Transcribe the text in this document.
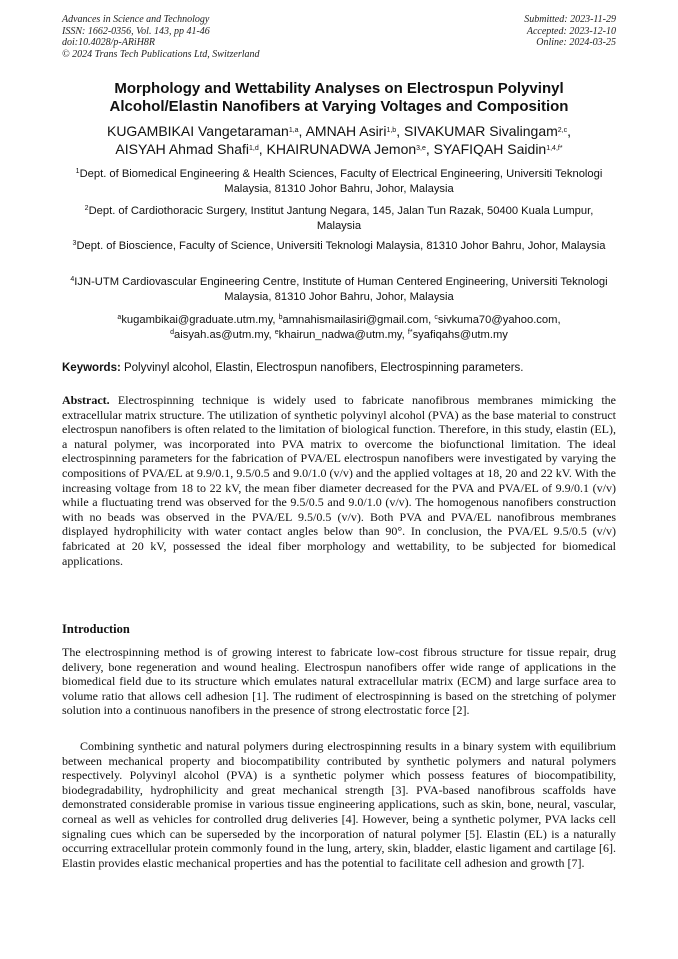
Advances in Science and Technology
ISSN: 1662-0356, Vol. 143, pp 41-46
doi:10.4028/p-ARiH8R
© 2024 Trans Tech Publications Ltd, Switzerland
Submitted: 2023-11-29
Accepted: 2023-12-10
Online: 2024-03-25
Morphology and Wettability Analyses on Electrospun Polyvinyl
Alcohol/Elastin Nanofibers at Varying Voltages and Composition
KUGAMBIKAI Vangetaraman$^{1,a}$, AMNAH Asiri$^{1,b}$, SIVAKUMAR Sivalingam$^{2,c}$,
AISYAH Ahmad Shafi$^{1,d}$, KHAIRUNADWA Jemon$^{3,e}$, SYAFIQAH Saidin$^{1,4,f*}$
$^1$Dept. of Biomedical Engineering & Health Sciences, Faculty of Electrical Engineering, Universiti Teknologi Malaysia, 81310 Johor Bahru, Johor, Malaysia
$^2$Dept. of Cardiothoracic Surgery, Institut Jantung Negara, 145, Jalan Tun Razak, 50400 Kuala Lumpur, Malaysia
$^3$Dept. of Bioscience, Faculty of Science, Universiti Teknologi Malaysia, 81310 Johor Bahru, Johor, Malaysia
$^4$IJN-UTM Cardiovascular Engineering Centre, Institute of Human Centered Engineering, Universiti Teknologi Malaysia, 81310 Johor Bahru, Johor, Malaysia
$^a$kugambikai@graduate.utm.my, $^b$amnahismailasiri@gmail.com, $^c$sivkuma70@yahoo.com,
$^d$aisyah.as@utm.my, $^e$khairun_nadwa@utm.my, $^{f*}$syafiqahs@utm.my
Keywords: Polyvinyl alcohol, Elastin, Electrospun nanofibers, Electrospinning parameters.

Abstract. Electrospinning technique is widely used to fabricate nanofibrous membranes mimicking the extracellular matrix structure. The utilization of synthetic polyvinyl alcohol (PVA) as the base material to construct electrospun nanofibers is often related to the limitation of biological function. Therefore, in this study, elastin (EL), a natural polymer, was incorporated into PVA matrix to overcome the biofunctional limitation. The ideal electrospinning parameters for the fabrication of PVA/EL electrospun nanofibers were investigated by varying the compositions of PVA/EL at 9.9/0.1, 9.5/0.5 and 9.0/1.0 (v/v) and the applied voltages at 18, 20 and 22 kV. With the increasing voltage from 18 to 22 kV, the mean fiber diameter decreased for the PVA and PVA/EL of 9.9/0.1 (v/v) while a fluctuating trend was observed for the 9.5/0.5 and 9.0/1.0 (v/v). The homogenous nanofibers construction with no beads was observed in the PVA/EL 9.5/0.5 (v/v). Both PVA and PVA/EL nanofibrous membranes displayed hydrophilicity with water contact angles below than 90°. In conclusion, the PVA/EL 9.5/0.5 (v/v) fabricated at 20 kV, possessed the ideal fiber morphology and wettability, to be subjected for biomedical applications.

Introduction

The electrospinning method is of growing interest to fabricate low-cost fibrous structure for tissue repair, drug delivery, bone regeneration and wound healing. Electrospun nanofibers offer wide range of applications in the biomedical field due to its structure which emulates natural extracellular matrix (ECM) and large surface area to volume ratio that allows cell adhesion [1]. The rudiment of electrospinning is based on the stretching of polymer solution into a continuous nanofibers in the presence of strong electrostatic force [2].

Combining synthetic and natural polymers during electrospinning results in a binary system with equilibrium between mechanical property and biocompatibility contributed by synthetic polymers and natural polymers respectively. Polyvinyl alcohol (PVA) is a synthetic polymer which possess features of biocompatibility, biodegradability, hydrophilicity and great mechanical strength [3]. PVA-based nanofibrous scaffolds have demonstrated considerable promise in various tissue engineering applications, such as skin, bone, neural, vascular, corneal as well as vehicles for controlled drug deliveries [4]. However, being a synthetic polymer, PVA lacks cell signaling cues which can be superseded by the incorporation of natural polymer [5]. Elastin (EL) is a naturally occurring extracellular protein commonly found in the lung, artery, skin, bladder, elastic ligament and cartilage [6]. Elastin provides elastic mechanical properties and has the potential to facilitate cell adhesion and growth [7].
